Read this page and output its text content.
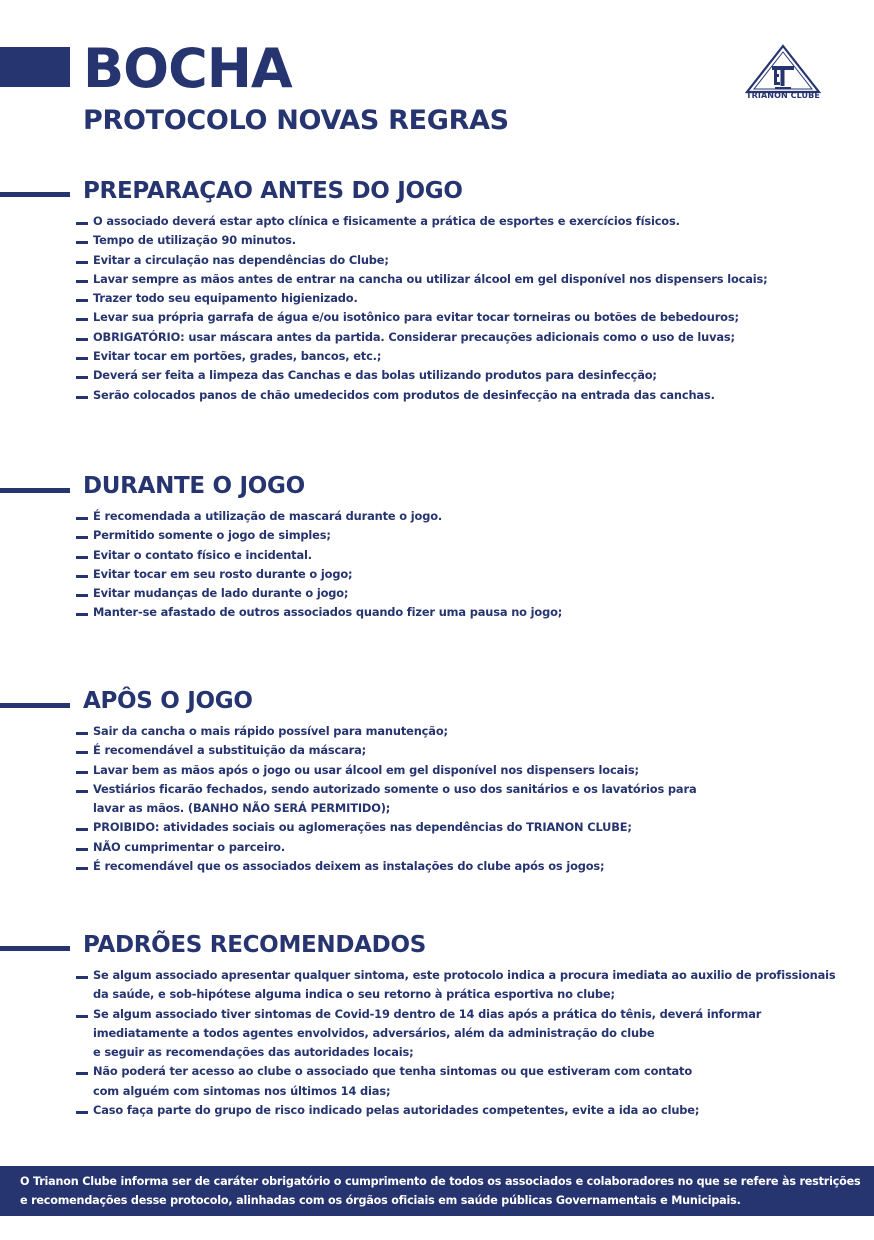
BOCHA
PROTOCOLO NOVAS REGRAS
TRIANON CLUBE
PREPARAÇAO ANTES DO JOGO
O associado deverá estar apto clínica e fisicamente a prática de esportes e exercícios físicos.
Tempo de utilização 90 minutos.
Evitar a circulação nas dependências do Clube;
Lavar sempre as mãos antes de entrar na cancha ou utilizar álcool em gel disponível nos dispensers locais;
Trazer todo seu equipamento higienizado.
Levar sua própria garrafa de água e/ou isotônico para evitar tocar torneiras ou botões de bebedouros;
OBRIGATÓRIO: usar máscara antes da partida. Considerar precauções adicionais como o uso de luvas;
Evitar tocar em portões, grades, bancos, etc.;
Deverá ser feita a limpeza das Canchas e das bolas utilizando produtos para desinfecção;
Serão colocados panos de chão umedecidos com produtos de desinfecção na entrada das canchas.
DURANTE O JOGO
É recomendada a utilização de mascará durante o jogo.
Permitido somente o jogo de simples;
Evitar o contato físico e incidental.
Evitar tocar em seu rosto durante o jogo;
Evitar mudanças de lado durante o jogo;
Manter-se afastado de outros associados quando fizer uma pausa no jogo;
APÔS O JOGO
Sair da cancha o mais rápido possível para manutenção;
É recomendável a substituição da máscara;
Lavar bem as mãos após o jogo ou usar álcool em gel disponível nos dispensers locais;
Vestiários ficarão fechados, sendo autorizado somente o uso dos sanitários e os lavatórios para
lavar as mãos. (BANHO NÃO SERÁ PERMITIDO);
PROIBIDO: atividades sociais ou aglomerações nas dependências do TRIANON CLUBE;
NÃO cumprimentar o parceiro.
É recomendável que os associados deixem as instalações do clube após os jogos;
PADRÕES RECOMENDADOS
Se algum associado apresentar qualquer sintoma, este protocolo indica a procura imediata ao auxilio de profissionais
da saúde, e sob-hipótese alguma indica o seu retorno à prática esportiva no clube;
Se algum associado tiver sintomas de Covid-19 dentro de 14 dias após a prática do tênis, deverá informar
imediatamente a todos agentes envolvidos, adversários, além da administração do clube
e seguir as recomendações das autoridades locais;
Não poderá ter acesso ao clube o associado que tenha sintomas ou que estiveram com contato
com alguém com sintomas nos últimos 14 dias;
Caso faça parte do grupo de risco indicado pelas autoridades competentes, evite a ida ao clube;

O Trianon Clube informa ser de caráter obrigatório o cumprimento de todos os associados e colaboradores no que se refere às restrições e recomendações desse protocolo, alinhadas com os órgãos oficiais em saúde públicas Governamentais e Municipais.
